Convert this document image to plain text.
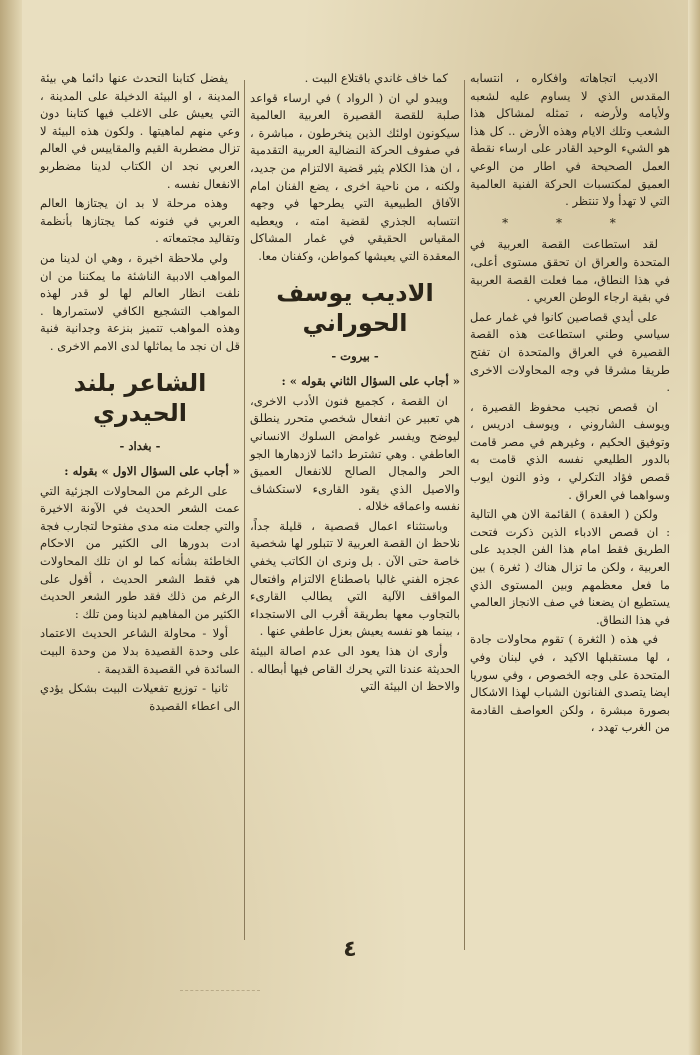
الاديب اتجاهاته وافكاره ، انتسابه المقدس الذي لا يساوم عليه لشعبه ولأيامه ولأرضه ، تمثله لمشاكل هذا الشعب وتلك الايام وهذه الأرض .. كل هذا هو الشيء الوحيد القادر على ارساء نقطة العمل الصحيحة في اطار من الوعي العميق لمكتسبات الحركة الفنية العالمية التي لا تهدأ ولا تنتظر .

* * *

لقد استطاعت القصة العربية في المتحدة والعراق ان تحقق مستوى أعلى، في هذا النطاق، مما فعلت القصة العربية في بقية ارجاء الوطن العربي .

على أيدي قصاصين كانوا في غمار عمل سياسي وطني استطاعت هذه القصة القصيرة في العراق والمتحدة ان تفتح طريقا مشرقا في وجه المحاولات الاخرى .

ان قصص نجيب محفوظ القصيرة ، ويوسف الشاروني ، ويوسف ادريس ، وتوفيق الحكيم ، وغيرهم في مصر قامت بالدور الطليعي نفسه الذي قامت به قصص فؤاد التكرلي ، وذو النون ايوب وسواهما في العراق .

ولكن ( العقدة ) القائمة الان هي التالية : ان قصص الادباء الذين ذكرت فتحت الطريق فقط امام هذا الفن الجديد على العربية ، ولكن ما تزال هناك ( ثغرة ) بين ما فعل معظمهم وبين المستوى الذي يستطيع ان يضعنا في صف الانجاز العالمي في هذا النطاق.

في هذه ( الثغرة ) تقوم محاولات جادة ، لها مستقبلها الاكيد ، في لبنان وفي المتحدة على وجه الخصوص ، وفي سوريا ايضا يتصدى الفنانون الشباب لهذا الاشكال بصورة مبشرة ، ولكن العواصف القادمة من الغرب تهدد ،

كما خاف غاندي باقتلاع البيت .

ويبدو لي ان ( الرواد ) في ارساء قواعد صلبة للقصة القصيرة العربية العالمية سيكونون اولئك الذين ينخرطون ، مباشرة ، في صفوف الحركة النضالية العربية التقدمية ، ان هذا الكلام يثير قضية الالتزام من جديد، ولكنه ، من ناحية اخرى ، يضع الفنان امام الآفاق الطبيعية التي يطرحها في وجهه انتسابه الجذري لقضية امته ، ويعطيه المقياس الحقيقي في غمار المشاكل المعقدة التي يعيشها كمواطن، وكفنان معا.

الاديب يوسف الحوراني
- بيروت -

« أجاب على السؤال الثاني بقوله » :

ان القصة ، كجميع فنون الأدب الاخرى، هي تعبير عن انفعال شخصي متحرر ينطلق ليوضح ويفسر غوامض السلوك الانساني العاطفي . وهي تشترط دائما لازدهارها الجو الحر والمجال الصالح للانفعال العميق والاصيل الذي يقود القارىء لاستكشاف نفسه واعماقه خلاله .

وباستثناء اعمال قصصية ، قليلة جداً، نلاحظ ان القصة العربية لا تتبلور لها شخصية خاصة حتى الآن . بل ونرى ان الكاتب يخفي عجزه الفني غالبا باصطناع الالتزام وافتعال المواقف الآلية التي يطالب القارىء بالتجاوب معها بطريقة أقرب الى الاستجداء ، بينما هو نفسه يعيش بعزل عاطفي عنها .

وأرى ان هذا يعود الى عدم اصالة البيئة الحديثة عندنا التي يحرك القاص فيها أبطاله . والاحظ ان البيئة التي

يفضل كتابنا التحدث عنها دائما هي بيئة المدينة ، او البيئة الدخيلة على المدينة ، التي يعيش على الاغلب فيها كتابنا دون وعي منهم لماهيتها . ولكون هذه البيئة لا تزال مضطربة القيم والمقاييس في العالم العربي نجد ان الكتاب لدينا مضطربو الانفعال نفسه .

وهذه مرحلة لا بد ان يجتازها العالم العربي في فنونه كما يجتازها بأنظمة وتقاليد مجتمعاته .

ولي ملاحظة اخيرة ، وهي ان لدينا من المواهب الادبية الناشئة ما يمكننا من ان نلفت انظار العالم لها لو قدر لهذه المواهب التشجيع الكافي لاستمرارها . وهذه المواهب تتميز بنزعة وجدانية فنية قل ان نجد ما يماثلها لدى الامم الاخرى .

الشاعر بلند الحيدري
- بغداد -

« أجاب على السؤال الاول » بقوله :

على الرغم من المحاولات الجزئية التي عمت الشعر الحديث في الآونة الاخيرة والتي جعلت منه مدى مفتوحا لتجارب فجة ادت بدورها الى الكثير من الاحكام الخاطئة بشأنه كما لو ان تلك المحاولات هي فقط الشعر الحديث ، أقول على الرغم من ذلك فقد طور الشعر الحديث الكثير من المفاهيم لدينا ومن تلك :

أولا - محاولة الشاعر الحديث الاعتماد على وحدة القصيدة بدلا من وحدة البيت السائدة في القصيدة القديمة .

ثانيا - توزيع تفعيلات البيت بشكل يؤدي الى اعطاء القصيدة

٤
